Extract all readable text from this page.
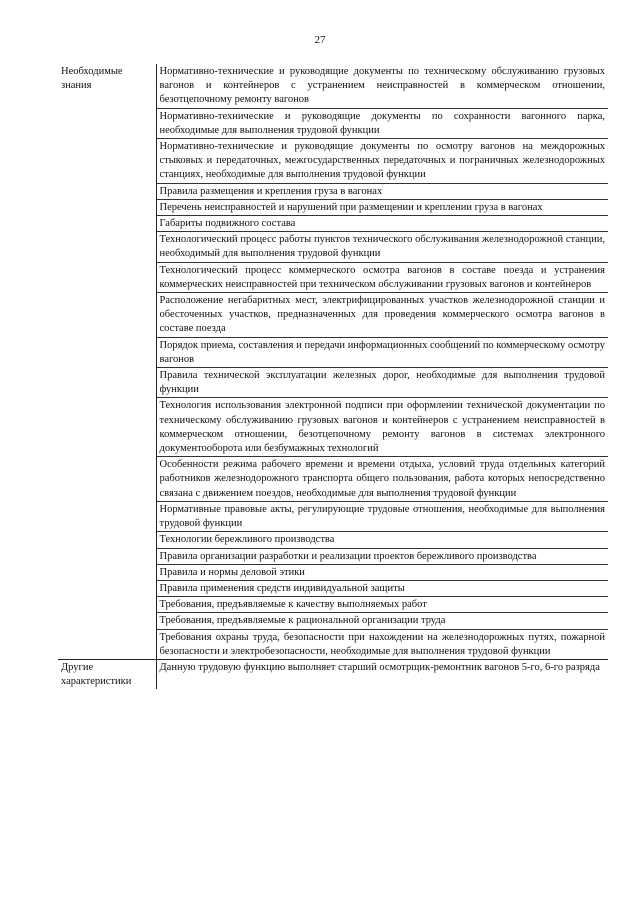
27
Необходимые знания	Нормативно-технические и руководящие документы по техническому обслуживанию грузовых вагонов и контейнеров с устранением неисправностей в коммерческом отношении, безотцепочному ремонту вагонов
	Нормативно-технические и руководящие документы по сохранности вагонного парка, необходимые для выполнения трудовой функции
	Нормативно-технические и руководящие документы по осмотру вагонов на междорожных стыковых и передаточных, межгосударственных передаточных и пограничных железнодорожных станциях, необходимые для выполнения трудовой функции
	Правила размещения и крепления груза в вагонах
	Перечень неисправностей и нарушений при размещении и креплении груза в вагонах
	Габариты подвижного состава
	Технологический процесс работы пунктов технического обслуживания железнодорожной станции, необходимый для выполнения трудовой функции
	Технологический процесс коммерческого осмотра вагонов в составе поезда и устранения коммерческих неисправностей при техническом обслуживании грузовых вагонов и контейнеров
	Расположение негабаритных мест, электрифицированных участков железнодорожной станции и обесточенных участков, предназначенных для проведения коммерческого осмотра вагонов в составе поезда
	Порядок приема, составления и передачи информационных сообщений по коммерческому осмотру вагонов
	Правила технической эксплуатации железных дорог, необходимые для выполнения трудовой функции
	Технология использования электронной подписи при оформлении технической документации по техническому обслуживанию грузовых вагонов и контейнеров с устранением неисправностей в коммерческом отношении, безотцепочному ремонту вагонов в системах электронного документооборота или безбумажных технологий
	Особенности режима рабочего времени и времени отдыха, условий труда отдельных категорий работников железнодорожного транспорта общего пользования, работа которых непосредственно связана с движением поездов, необходимые для выполнения трудовой функции
	Нормативные правовые акты, регулирующие трудовые отношения, необходимые для выполнения трудовой функции
	Технологии бережливого производства
	Правила организации разработки и реализации проектов бережливого производства
	Правила и нормы деловой этики
	Правила применения средств индивидуальной защиты
	Требования, предъявляемые к качеству выполняемых работ
	Требования, предъявляемые к рациональной организации труда
	Требования охраны труда, безопасности при нахождении на железнодорожных путях, пожарной безопасности и электробезопасности, необходимые для выполнения трудовой функции
Другие характеристики	Данную трудовую функцию выполняет старший осмотрщик-ремонтник вагонов 5-го, 6-го разряда
